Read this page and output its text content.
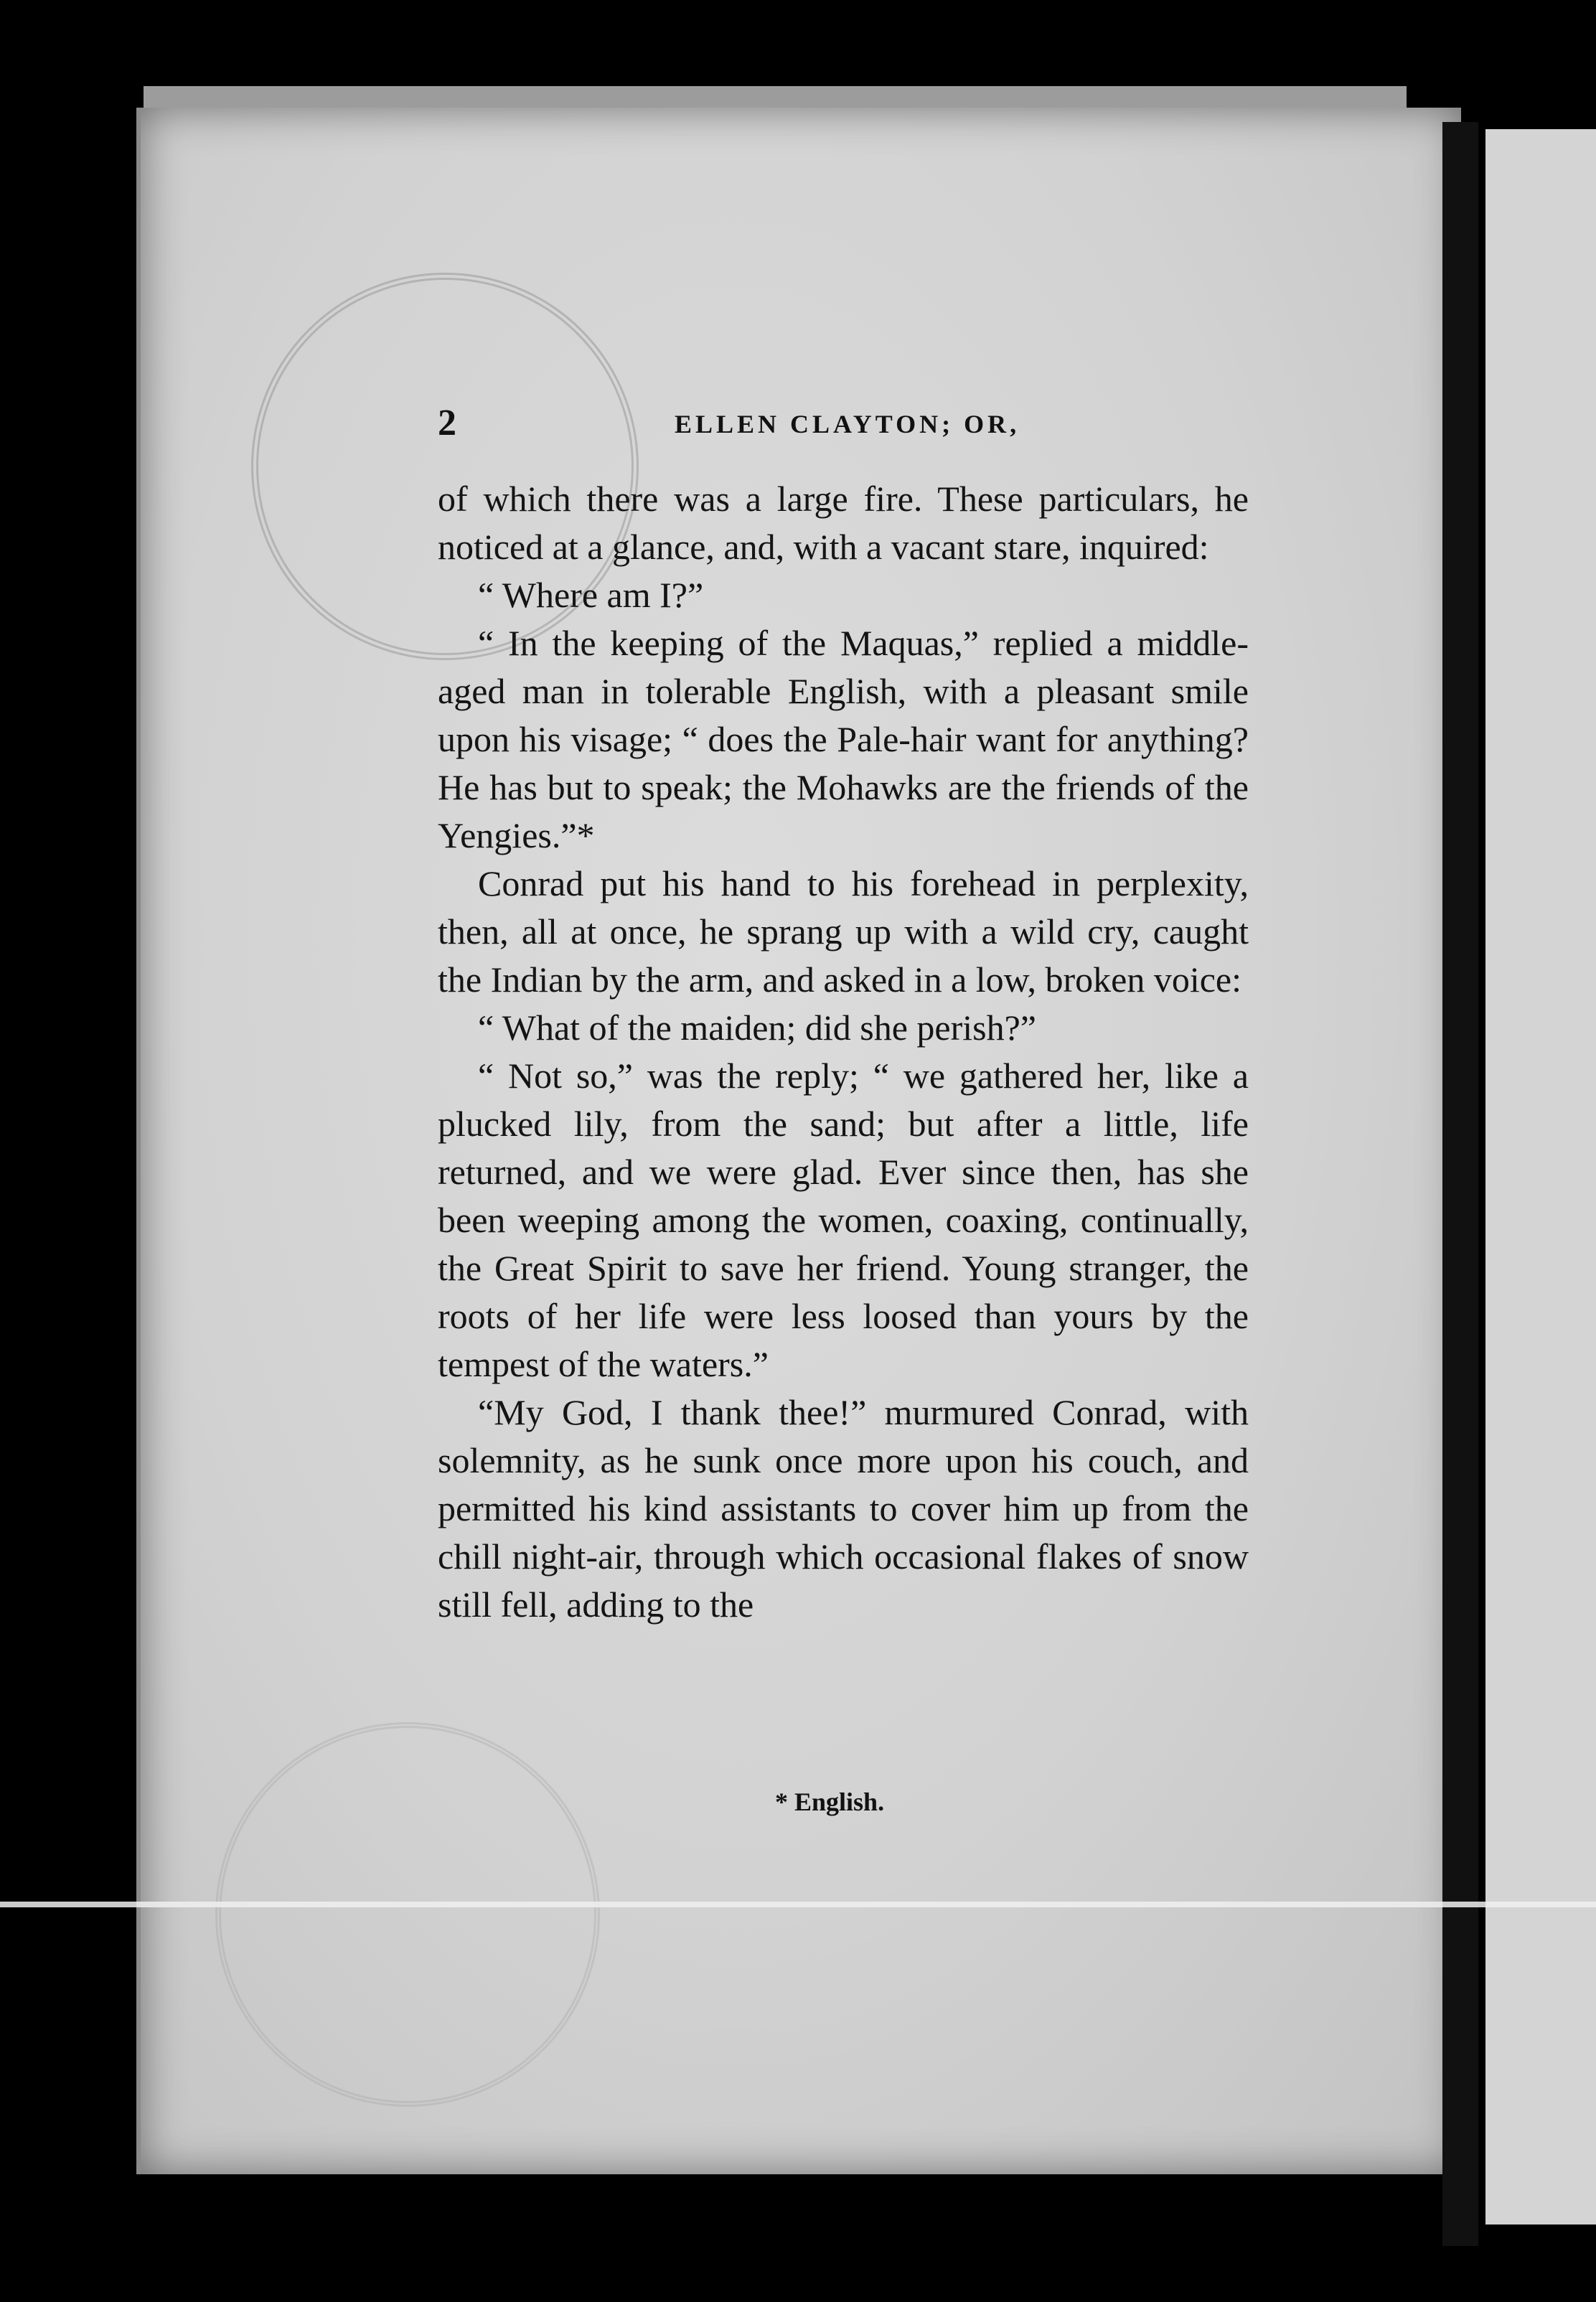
2	ELLEN CLAYTON; OR,

of which there was a large fire. These particulars, he noticed at a glance, and, with a vacant stare, inquired:

“ Where am I?”

“ In the keeping of the Maquas,” replied a middle-aged man in tolerable English, with a pleasant smile upon his visage; “ does the Pale-hair want for anything? He has but to speak; the Mohawks are the friends of the Yengies.”*

Conrad put his hand to his forehead in perplexity, then, all at once, he sprang up with a wild cry, caught the Indian by the arm, and asked in a low, broken voice:

“ What of the maiden; did she perish?”

“ Not so,” was the reply; “ we gathered her, like a plucked lily, from the sand; but after a little, life returned, and we were glad. Ever since then, has she been weeping among the women, coaxing, continually, the Great Spirit to save her friend. Young stranger, the roots of her life were less loosed than yours by the tempest of the waters.”

“My God, I thank thee!” murmured Conrad, with solemnity, as he sunk once more upon his couch, and permitted his kind assistants to cover him up from the chill night-air, through which occasional flakes of snow still fell, adding to the

* English.
